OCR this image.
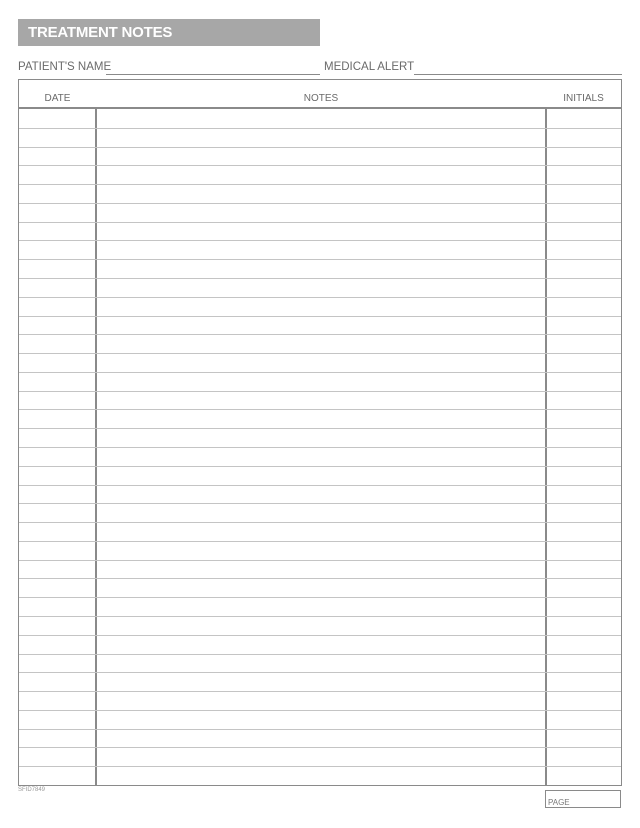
TREATMENT NOTES
PATIENT'S NAME	MEDICAL ALERT
DATE	NOTES	INITIALS
SFID7849
PAGE
